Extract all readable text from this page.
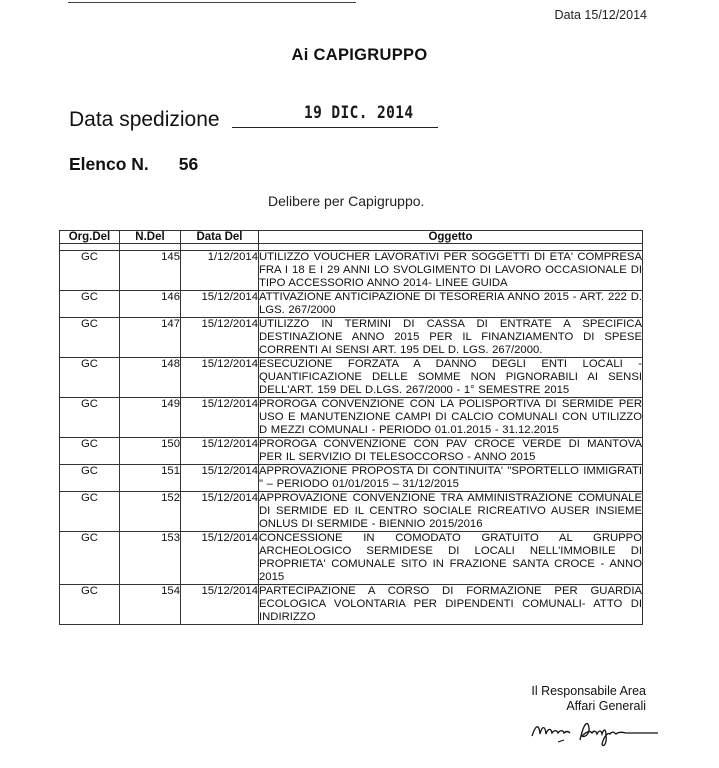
Data 15/12/2014
Ai CAPIGRUPPO
Data spedizione	19 DIC. 2014
Elenco N. 56
Delibere per Capigruppo.
Org.Del	N.Del	Data Del	Oggetto

GC	145	1/12/2014	UTILIZZO VOUCHER LAVORATIVI PER SOGGETTI DI ETA' COMPRESA FRA I 18 E I 29 ANNI LO SVOLGIMENTO DI LAVORO OCCASIONALE DI TIPO ACCESSORIO ANNO 2014- LINEE GUIDA
GC	146	15/12/2014	ATTIVAZIONE ANTICIPAZIONE DI TESORERIA ANNO 2015 - ART. 222 D. LGS. 267/2000
GC	147	15/12/2014	UTILIZZO IN TERMINI DI CASSA DI ENTRATE A SPECIFICA DESTINAZIONE ANNO 2015 PER IL FINANZIAMENTO DI SPESE CORRENTI AI SENSI ART. 195 DEL D. LGS. 267/2000.
GC	148	15/12/2014	ESECUZIONE FORZATA A DANNO DEGLI ENTI LOCALI - QUANTIFICAZIONE DELLE SOMME NON PIGNORABILI AI SENSI DELL'ART. 159 DEL D.LGS. 267/2000 - 1° SEMESTRE 2015
GC	149	15/12/2014	PROROGA CONVENZIONE CON LA POLISPORTIVA DI SERMIDE PER USO E MANUTENZIONE CAMPI DI CALCIO COMUNALI CON UTILIZZO D MEZZI COMUNALI - PERIODO 01.01.2015 - 31.12.2015
GC	150	15/12/2014	PROROGA CONVENZIONE CON PAV CROCE VERDE DI MANTOVA PER IL SERVIZIO DI TELESOCCORSO - ANNO 2015
GC	151	15/12/2014	APPROVAZIONE PROPOSTA DI CONTINUITA' "SPORTELLO IMMIGRATI " – PERIODO 01/01/2015 – 31/12/2015
GC	152	15/12/2014	APPROVAZIONE CONVENZIONE TRA AMMINISTRAZIONE COMUNALE DI SERMIDE ED IL CENTRO SOCIALE RICREATIVO AUSER INSIEME ONLUS DI SERMIDE - BIENNIO 2015/2016
GC	153	15/12/2014	CONCESSIONE IN COMODATO GRATUITO AL GRUPPO ARCHEOLOGICO SERMIDESE DI LOCALI NELL'IMMOBILE DI PROPRIETA' COMUNALE SITO IN FRAZIONE SANTA CROCE - ANNO 2015
GC	154	15/12/2014	PARTECIPAZIONE A CORSO DI FORMAZIONE PER GUARDIA ECOLOGICA VOLONTARIA PER DIPENDENTI COMUNALI- ATTO DI INDIRIZZO
Il Responsabile Area
Affari Generali
